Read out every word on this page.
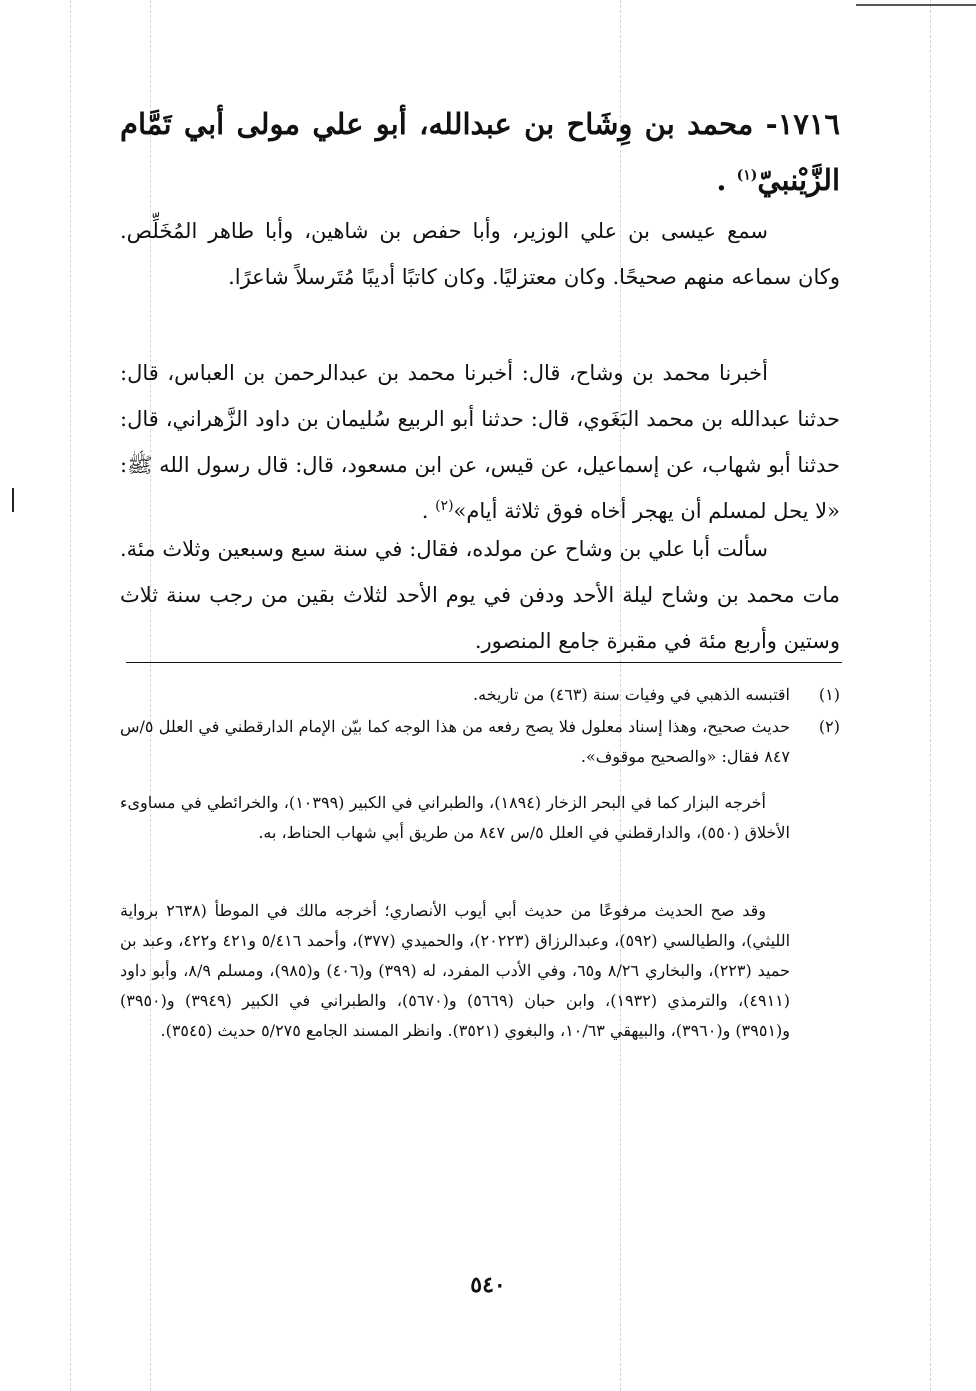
١٧١٦- محمد بن وِشَاح بن عبدالله، أبو علي مولى أبي تَمَّام الزَّيْنبيّ$^{(١)}$ .
سمع عيسى بن علي الوزير، وأبا حفص بن شاهين، وأبا طاهر المُخَلِّص. وكان سماعه منهم صحيحًا. وكان معتزليًا. وكان كاتبًا أديبًا مُتَرسلاً شاعرًا.
أخبرنا محمد بن وشاح، قال: أخبرنا محمد بن عبدالرحمن بن العباس، قال: حدثنا عبدالله بن محمد البَغَوي، قال: حدثنا أبو الربيع سُليمان بن داود الزَّهراني، قال: حدثنا أبو شهاب، عن إسماعيل، عن قيس، عن ابن مسعود، قال: قال رسول الله ﷺ: «لا يحل لمسلم أن يهجر أخاه فوق ثلاثة أيام»$^{(٢)}$ .
سألت أبا علي بن وشاح عن مولده، فقال: في سنة سبع وسبعين وثلاث مئة. مات محمد بن وشاح ليلة الأحد ودفن في يوم الأحد لثلاث بقين من رجب سنة ثلاث وستين وأربع مئة في مقبرة جامع المنصور.
(١)
اقتبسه الذهبي في وفيات سنة (٤٦٣) من تاريخه.
(٢)
حديث صحيح، وهذا إسناد معلول فلا يصح رفعه من هذا الوجه كما بيّن الإمام الدارقطني في العلل ٥/س ٨٤٧ فقال: «والصحيح موقوف».
أخرجه البزار كما في البحر الزخار (١٨٩٤)، والطبراني في الكبير (١٠٣٩٩)، والخرائطي في مساوىء الأخلاق (٥٥٠)، والدارقطني في العلل ٥/س ٨٤٧ من طريق أبي شهاب الحناط، به.
وقد صح الحديث مرفوعًا من حديث أبي أيوب الأنصاري؛ أخرجه مالك في الموطأ (٢٦٣٨ برواية الليثي)، والطيالسي (٥٩٢)، وعبدالرزاق (٢٠٢٢٣)، والحميدي (٣٧٧)، وأحمد ٥/٤١٦ و٤٢١ و٤٢٢، وعبد بن حميد (٢٢٣)، والبخاري ٨/٢٦ و٦٥، وفي الأدب المفرد، له (٣٩٩) و(٤٠٦) و(٩٨٥)، ومسلم ٨/٩، وأبو داود (٤٩١١)، والترمذي (١٩٣٢)، وابن حبان (٥٦٦٩) و(٥٦٧٠)، والطبراني في الكبير (٣٩٤٩) و(٣٩٥٠) و(٣٩٥١) و(٣٩٦٠)، والبيهقي ١٠/٦٣، والبغوي (٣٥٢١). وانظر المسند الجامع ٥/٢٧٥ حديث (٣٥٤٥).
٥٤٠
